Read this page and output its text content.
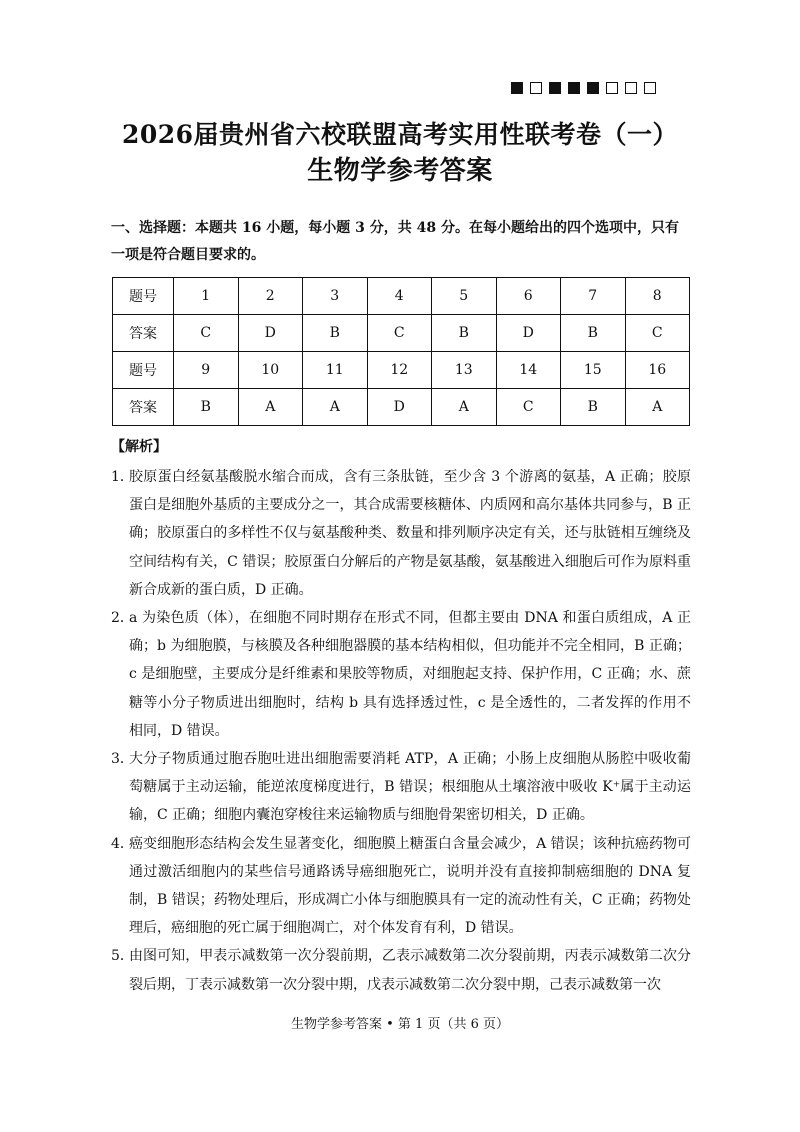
2026届贵州省六校联盟高考实用性联考卷（一）
生物学参考答案
一、选择题：本题共 16 小题，每小题 3 分，共 48 分。在每小题给出的四个选项中，只有一项是符合题目要求的。
题号	1	2	3	4	5	6	7	8
答案	C	D	B	C	B	D	B	C
题号	9	10	11	12	13	14	15	16
答案	B	A	A	D	A	C	B	A
【解析】
1．
胶原蛋白经氨基酸脱水缩合而成，含有三条肽链，至少含 3 个游离的氨基，A 正确；胶原蛋白是细胞外基质的主要成分之一，其合成需要核糖体、内质网和高尔基体共同参与，B 正确；胶原蛋白的多样性不仅与氨基酸种类、数量和排列顺序决定有关，还与肽链相互缠绕及空间结构有关，C 错误；胶原蛋白分解后的产物是氨基酸，氨基酸进入细胞后可作为原料重新合成新的蛋白质，D 正确。
2．
a 为染色质（体），在细胞不同时期存在形式不同，但都主要由 DNA 和蛋白质组成，A 正确；b 为细胞膜，与核膜及各种细胞器膜的基本结构相似，但功能并不完全相同，B 正确；c 是细胞壁，主要成分是纤维素和果胶等物质，对细胞起支持、保护作用，C 正确；水、蔗糖等小分子物质进出细胞时，结构 b 具有选择透过性，c 是全透性的，二者发挥的作用不相同，D 错误。
3．
大分子物质通过胞吞胞吐进出细胞需要消耗 ATP，A 正确；小肠上皮细胞从肠腔中吸收葡萄糖属于主动运输，能逆浓度梯度进行，B 错误；根细胞从土壤溶液中吸收 K⁺属于主动运输，C 正确；细胞内囊泡穿梭往来运输物质与细胞骨架密切相关，D 正确。
4．
癌变细胞形态结构会发生显著变化，细胞膜上糖蛋白含量会减少，A 错误；该种抗癌药物可通过激活细胞内的某些信号通路诱导癌细胞死亡，说明并没有直接抑制癌细胞的 DNA 复制，B 错误；药物处理后，形成凋亡小体与细胞膜具有一定的流动性有关，C 正确；药物处理后，癌细胞的死亡属于细胞凋亡，对个体发育有利，D 错误。
5．
由图可知，甲表示减数第一次分裂前期，乙表示减数第二次分裂前期，丙表示减数第二次分裂后期，丁表示减数第一次分裂中期，戊表示减数第二次分裂中期，己表示减数第一次
生物学参考答案 • 第 1 页（共 6 页）
